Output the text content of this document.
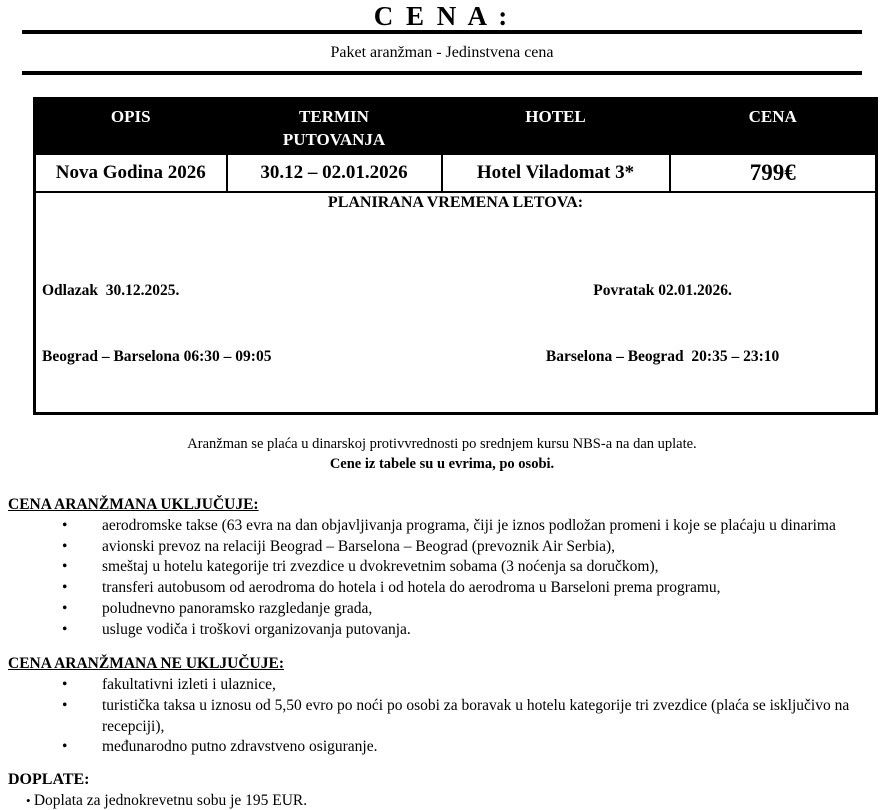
C E N A :
Paket aranžman - Jedinstvena cena
OPIS	TERMIN PUTOVANJA	HOTEL	CENA
Nova Godina 2026	30.12 – 02.01.2026	Hotel Viladomat 3*	799€

PLANIRANA VREMENA LETOVA:

Odlazak  30.12.2025.

Beograd – Barselona 06:30 – 09:05

Povratak 02.01.2026.

Barselona – Beograd  20:35 – 23:10			

Aranžman se plaća u dinarskoj protivvrednosti po srednjem kursu NBS-a na dan uplate.
Cene iz tabele su u evrima, po osobi.
CENA ARANŽMANA UKLJUČUJE:
• aerodromske takse (63 evra na dan objavljivanja programa, čiji je iznos podložan promeni i koje se plaćaju u dinarima
• avionski prevoz na relaciji Beograd – Barselona – Beograd (prevoznik Air Serbia),
• smeštaj u hotelu kategorije tri zvezdice u dvokrevetnim sobama (3 noćenja sa doručkom),
• transferi autobusom od aerodroma do hotela i od hotela do aerodroma u Barseloni prema programu,
• poludnevno panoramsko razgledanje grada,
• usluge vodiča i troškovi organizovanja putovanja.
CENA ARANŽMANA NE UKLJUČUJE:
• fakultativni izleti i ulaznice,
• turistička taksa u iznosu od 5,50 evro po noći po osobi za boravak u hotelu kategorije tri zvezdice (plaća se isključivo na recepciji),
• međunarodno putno zdravstveno osiguranje.
DOPLATE:
• Doplata za jednokrevetnu sobu je 195 EUR.
